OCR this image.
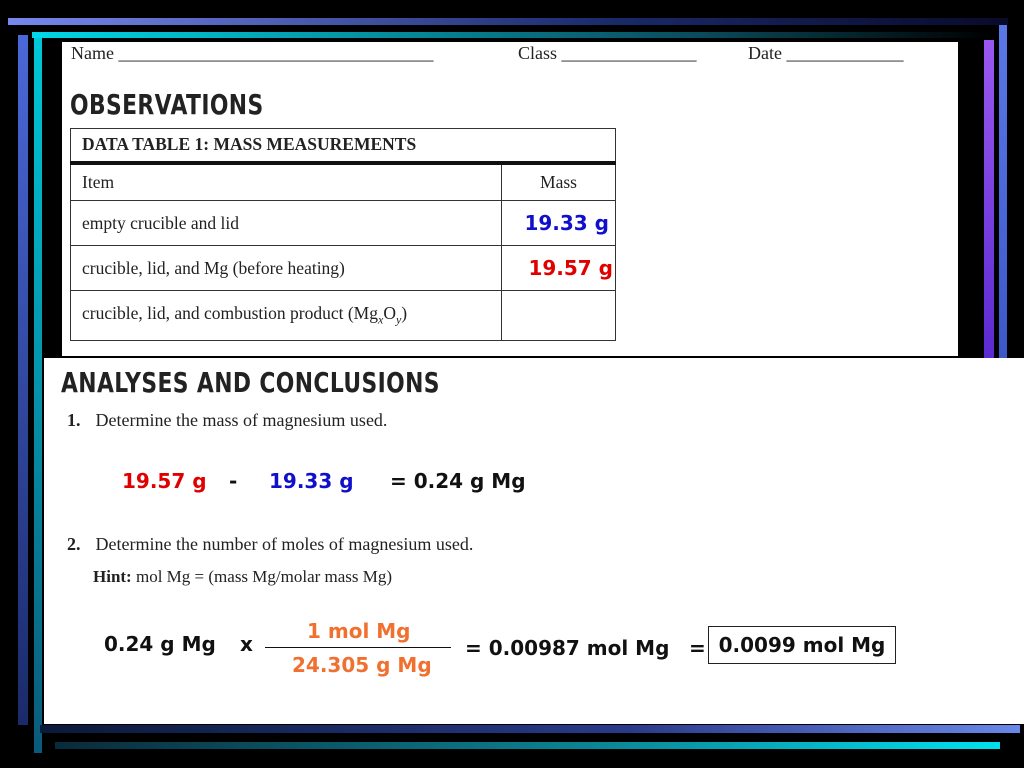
Name ___________________________________	Class _______________	Date _____________
OBSERVATIONS
DATA TABLE 1: MASS MEASUREMENTS	
Item	Mass
empty crucible and lid	19.33 g
crucible, lid, and Mg (before heating)	19.57 g
crucible, lid, and combustion product $(Mg_xO_y)$	
ANALYSES AND CONCLUSIONS
1. Determine the mass of magnesium used.
19.57 g - 19.33 g = 0.24 g Mg
2. Determine the number of moles of magnesium used.
Hint: mol Mg = (mass Mg/molar mass Mg)
0.24 g Mg x
1 mol Mg
24.305 g Mg
= 0.00987 mol Mg = 0.0099 mol Mg
